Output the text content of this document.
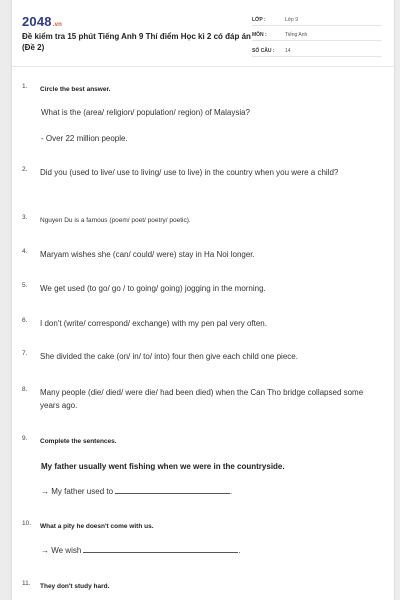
2048.vn
Đề kiểm tra 15 phút Tiếng Anh 9 Thí điểm Học kì 2 có đáp án (Đề 2)
LỚP :	Lớp 9
MÔN :	Tiếng Anh
SỐ CÂU : 14
1. Circle the best answer.
What is the (area/ religion/ population/ region) of Malaysia?
- Over 22 million people.
2. Did you (used to live/ use to living/ use to live) in the country when you were a child?
3. Nguyen Du is a famous (poem/ poet/ poetry/ poetic).
4. Maryam wishes she (can/ could/ were) stay in Ha Noi longer.
5. We get used (to go/ go / to going/ going) jogging in the morning.
6. I don't (write/ correspond/ exchange) with my pen pal very often.
7. She divided the cake (on/ in/ to/ into) four then give each child one piece.
8. Many people (die/ died/ were die/ had been died) when the Can Tho bridge collapsed some years ago.
9. Complete the sentences.
My father usually went fishing when we were in the countryside.
→ My father used to	.
10. What a pity he doesn't come with us.
→ We wish	.
11. They don't study hard.
